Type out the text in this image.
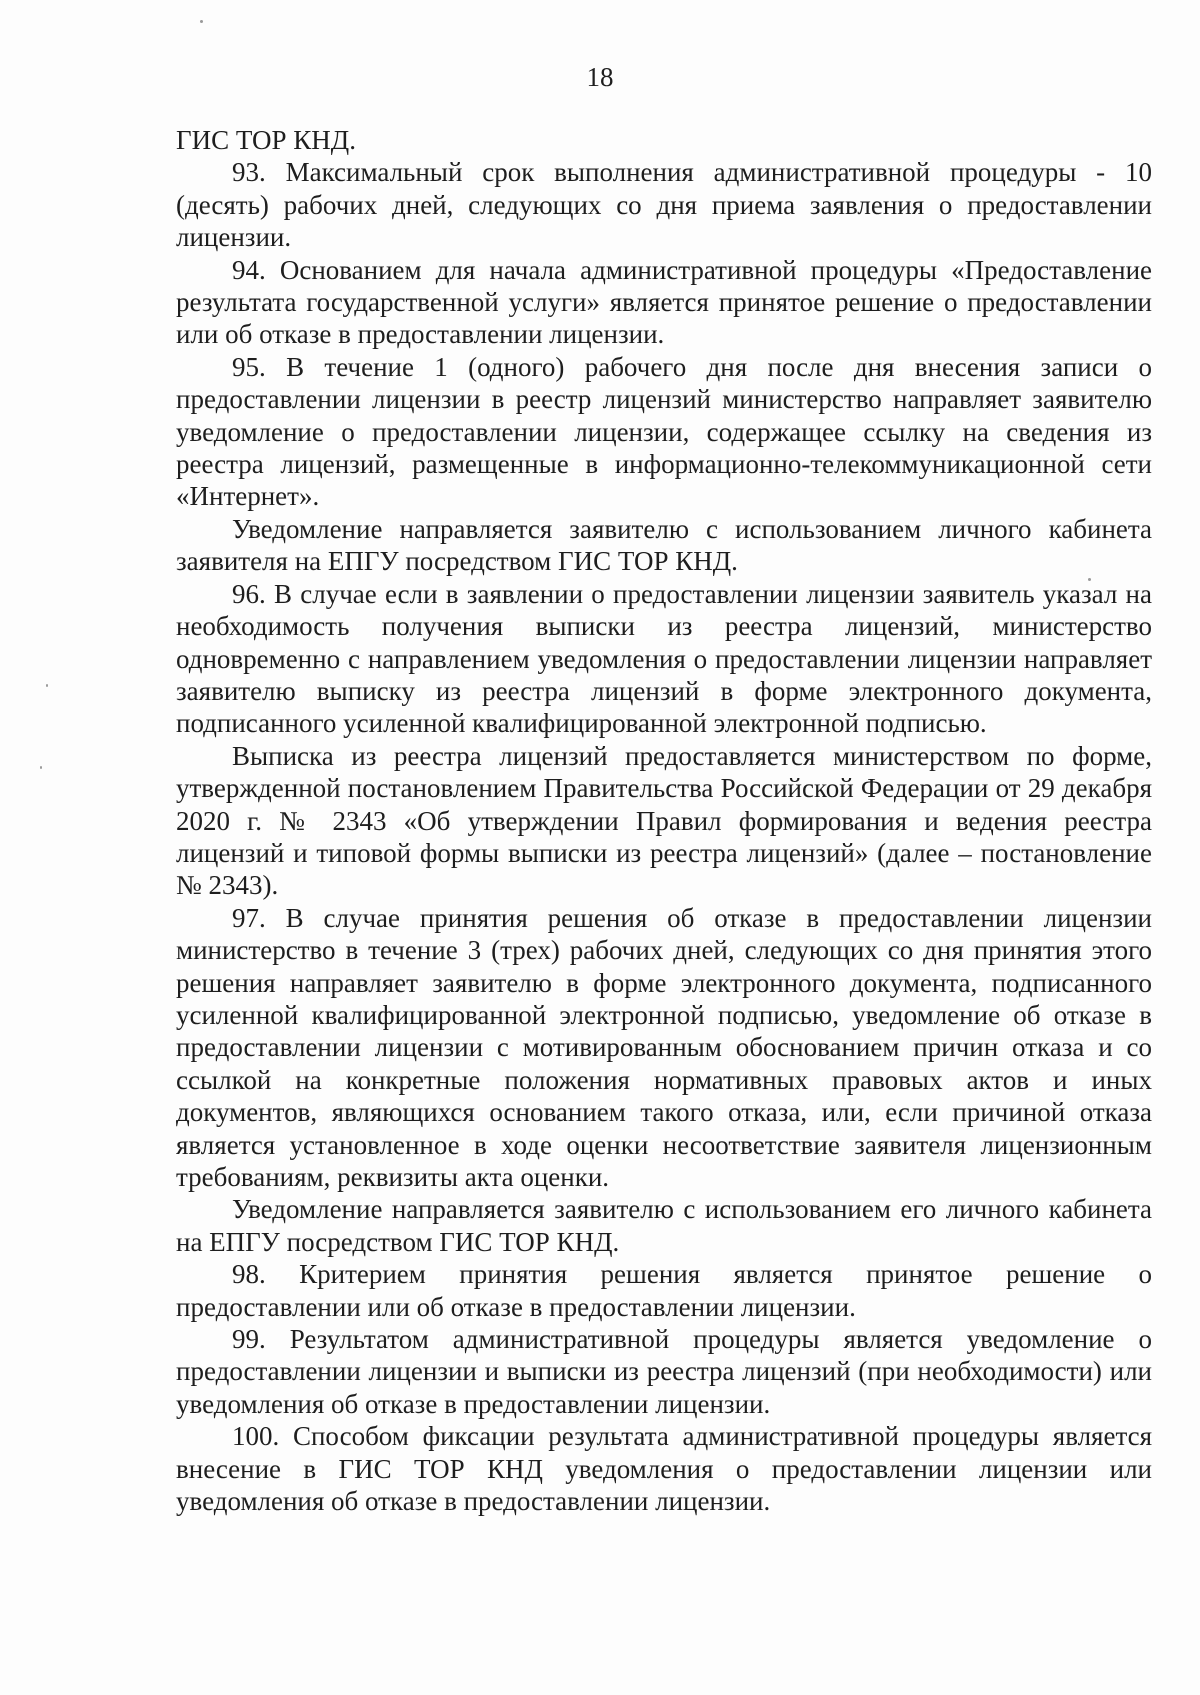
18

ГИС ТОР КНД.

93. Максимальный срок выполнения административной процедуры - 10 (десять) рабочих дней, следующих со дня приема заявления о предоставлении лицензии.

94. Основанием для начала административной процедуры «Предоставление результата государственной услуги» является принятое решение о предоставлении или об отказе в предоставлении лицензии.

95. В течение 1 (одного) рабочего дня после дня внесения записи о предоставлении лицензии в реестр лицензий министерство направляет заявителю уведомление о предоставлении лицензии, содержащее ссылку на сведения из реестра лицензий, размещенные в информационно-телекоммуникационной сети «Интернет».

Уведомление направляется заявителю с использованием личного кабинета заявителя на ЕПГУ посредством ГИС ТОР КНД.

96. В случае если в заявлении о предоставлении лицензии заявитель указал на необходимость получения выписки из реестра лицензий, министерство одновременно с направлением уведомления о предоставлении лицензии направляет заявителю выписку из реестра лицензий в форме электронного документа, подписанного усиленной квалифицированной электронной подписью.

Выписка из реестра лицензий предоставляется министерством по форме, утвержденной постановлением Правительства Российской Федерации от 29 декабря 2020 г. № 2343 «Об утверждении Правил формирования и ведения реестра лицензий и типовой формы выписки из реестра лицензий» (далее – постановление № 2343).

97. В случае принятия решения об отказе в предоставлении лицензии министерство в течение 3 (трех) рабочих дней, следующих со дня принятия этого решения направляет заявителю в форме электронного документа, подписанного усиленной квалифицированной электронной подписью, уведомление об отказе в предоставлении лицензии с мотивированным обоснованием причин отказа и со ссылкой на конкретные положения нормативных правовых актов и иных документов, являющихся основанием такого отказа, или, если причиной отказа является установленное в ходе оценки несоответствие заявителя лицензионным требованиям, реквизиты акта оценки.

Уведомление направляется заявителю с использованием его личного кабинета на ЕПГУ посредством ГИС ТОР КНД.

98. Критерием принятия решения является принятое решение о предоставлении или об отказе в предоставлении лицензии.

99. Результатом административной процедуры является уведомление о предоставлении лицензии и выписки из реестра лицензий (при необходимости) или уведомления об отказе в предоставлении лицензии.

100. Способом фиксации результата административной процедуры является внесение в ГИС ТОР КНД уведомления о предоставлении лицензии или уведомления об отказе в предоставлении лицензии.
